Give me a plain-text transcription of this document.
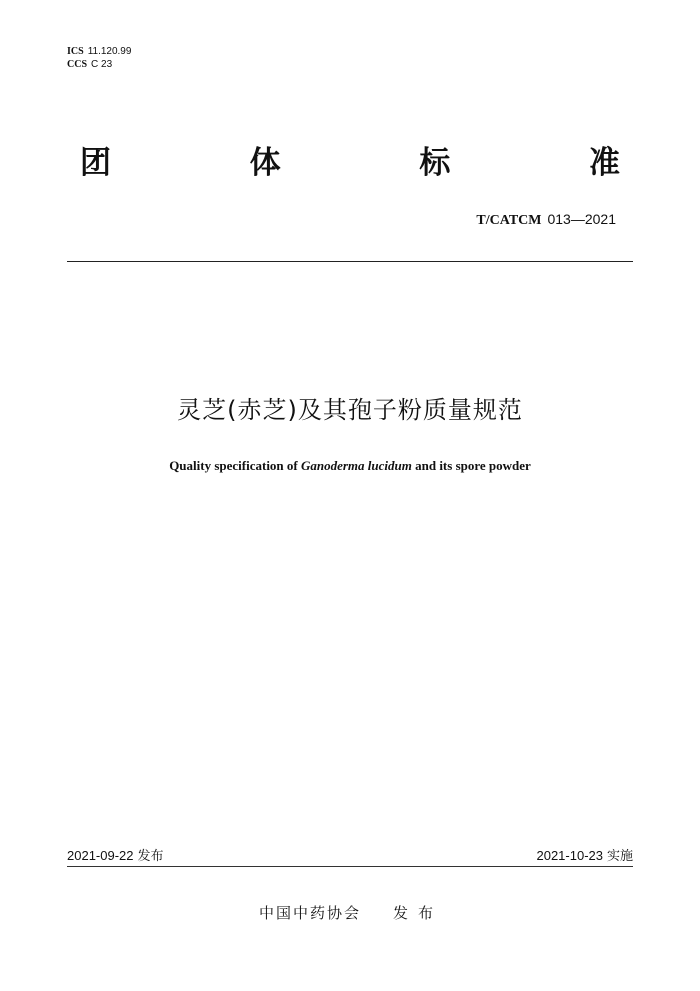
ICS 11.120.99
CCS C 23
团	体	标	准
T/CATCM 013—2021
灵芝(赤芝)及其孢子粉质量规范
Quality specification of Ganoderma lucidum and its spore powder
2021-09-22 发布	2021-10-23 实施
中国中药协会 发布
